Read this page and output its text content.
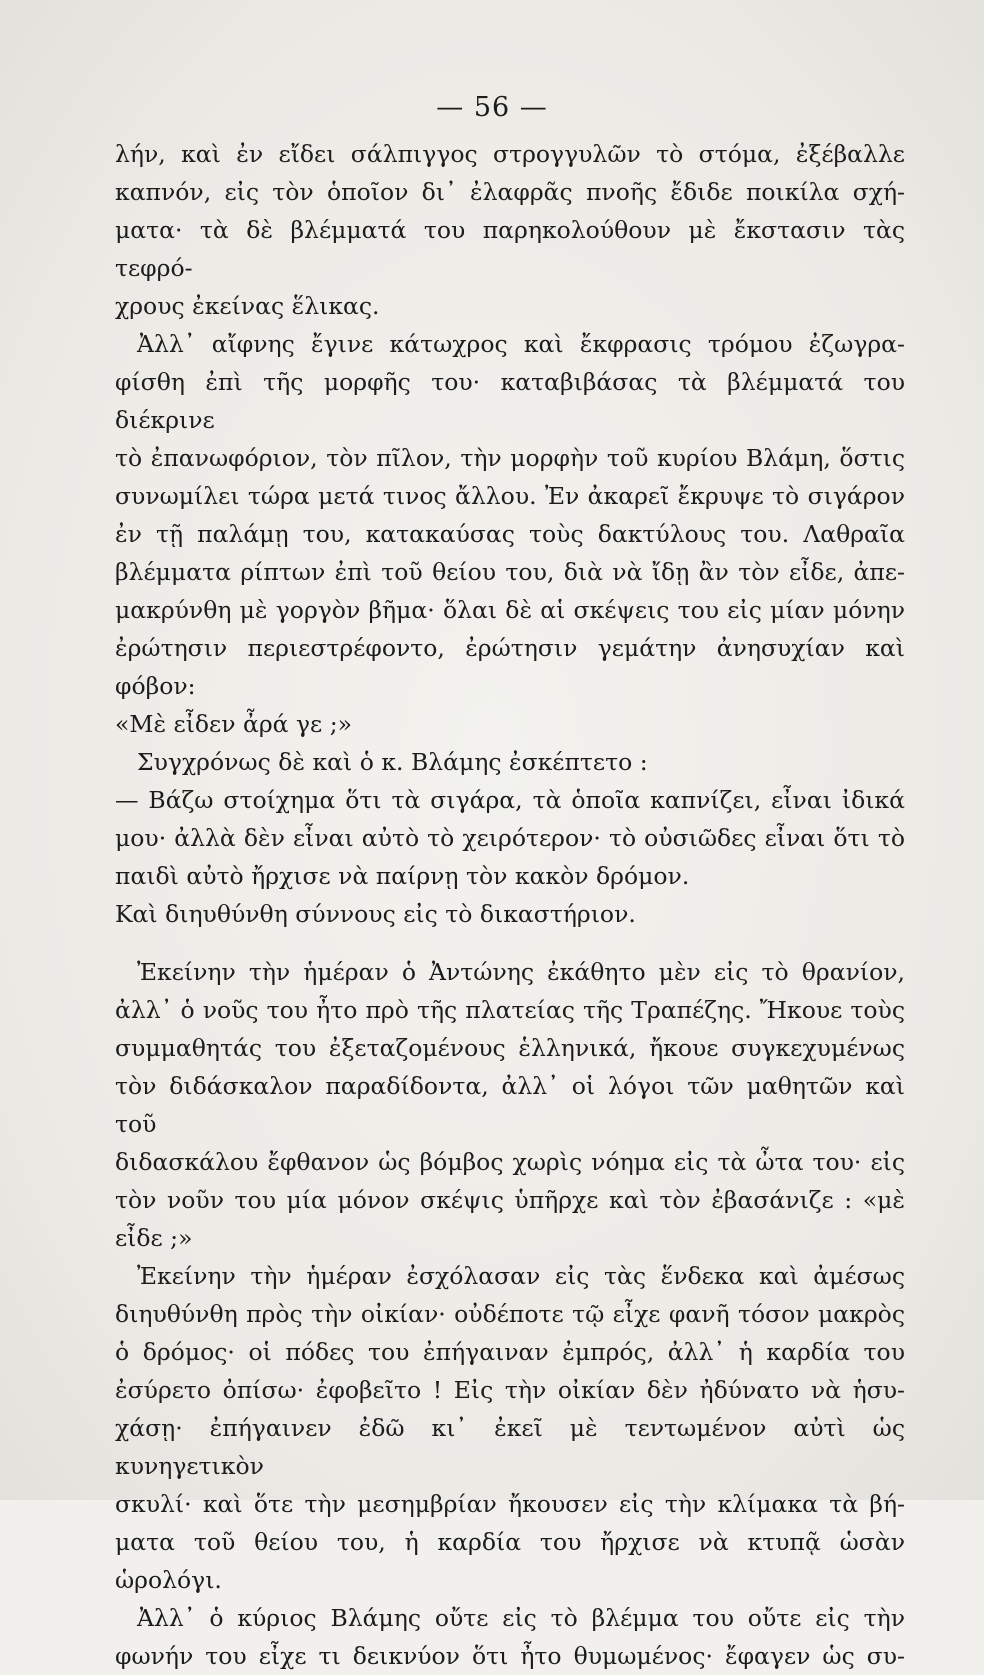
— 56 —
λήν, καὶ ἐν εἴδει σάλπιγγος στρογγυλῶν τὸ στόμα, ἐξέβαλλε
καπνόν, εἰς τὸν ὁποῖον δι᾽ ἐλαφρᾶς πνοῆς ἔδιδε ποικίλα σχή-
ματα· τὰ δὲ βλέμματά του παρηκολούθουν μὲ ἔκστασιν τὰς τεφρό-
χρους ἐκείνας ἕλικας.
Ἀλλ᾽ αἴφνης ἔγινε κάτωχρος καὶ ἔκφρασις τρόμου ἐζωγρα-
φίσθη ἐπὶ τῆς μορφῆς του· καταβιβάσας τὰ βλέμματά του διέκρινε
τὸ ἐπανωφόριον, τὸν πῖλον, τὴν μορφὴν τοῦ κυρίου Βλάμη, ὅστις
συνωμίλει τώρα μετά τινος ἄλλου. Ἐν ἀκαρεῖ ἔκρυψε τὸ σιγάρον
ἐν τῇ παλάμῃ του, κατακαύσας τοὺς δακτύλους του. Λαθραῖα
βλέμματα ρίπτων ἐπὶ τοῦ θείου του, διὰ νὰ ἴδῃ ἂν τὸν εἶδε, ἀπε-
μακρύνθη μὲ γοργὸν βῆμα· ὅλαι δὲ αἱ σκέψεις του εἰς μίαν μόνην
ἐρώτησιν περιεστρέφοντο, ἐρώτησιν γεμάτην ἀνησυχίαν καὶ φόβον:
«Μὲ εἶδεν ἆρά γε ;»
Συγχρόνως δὲ καὶ ὁ κ. Βλάμης ἐσκέπτετο :
— Βάζω στοίχημα ὅτι τὰ σιγάρα, τὰ ὁποῖα καπνίζει, εἶναι ἰδικά
μου· ἀλλὰ δὲν εἶναι αὐτὸ τὸ χειρότερον· τὸ οὐσιῶδες εἶναι ὅτι τὸ
παιδὶ αὐτὸ ἤρχισε νὰ παίρνῃ τὸν κακὸν δρόμον.
Καὶ διηυθύνθη σύννους εἰς τὸ δικαστήριον.
Ἐκείνην τὴν ἡμέραν ὁ Ἀντώνης ἐκάθητο μὲν εἰς τὸ θρανίον,
ἀλλ᾽ ὁ νοῦς του ἦτο πρὸ τῆς πλατείας τῆς Τραπέζης. Ἤκουε τοὺς
συμμαθητάς του ἐξεταζομένους ἑλληνικά, ἤκουε συγκεχυμένως
τὸν διδάσκαλον παραδίδοντα, ἀλλ᾽ οἱ λόγοι τῶν μαθητῶν καὶ τοῦ
διδασκάλου ἔφθανον ὡς βόμβος χωρὶς νόημα εἰς τὰ ὦτα του· εἰς
τὸν νοῦν του μία μόνον σκέψις ὑπῆρχε καὶ τὸν ἐβασάνιζε : «μὲ
εἶδε ;»
Ἐκείνην τὴν ἡμέραν ἐσχόλασαν εἰς τὰς ἕνδεκα καὶ ἀμέσως
διηυθύνθη πρὸς τὴν οἰκίαν· οὐδέποτε τῷ εἶχε φανῆ τόσον μακρὸς
ὁ δρόμος· οἱ πόδες του ἐπήγαιναν ἐμπρός, ἀλλ᾽ ἡ καρδία του
ἐσύρετο ὀπίσω· ἐφοβεῖτο ! Εἰς τὴν οἰκίαν δὲν ἠδύνατο νὰ ἡσυ-
χάσῃ· ἐπήγαινεν ἐδῶ κι᾽ ἐκεῖ μὲ τεντωμένον αὐτὶ ὡς κυνηγετικὸν
σκυλί· καὶ ὅτε τὴν μεσημβρίαν ἤκουσεν εἰς τὴν κλίμακα τὰ βή-
ματα τοῦ θείου του, ἡ καρδία του ἤρχισε νὰ κτυπᾷ ὡσὰν ὡρολόγι.
Ἀλλ᾽ ὁ κύριος Βλάμης οὔτε εἰς τὸ βλέμμα του οὔτε εἰς τὴν
φωνήν του εἶχε τι δεικνύον ὅτι ἦτο θυμωμένος· ἔφαγεν ὡς συ-
